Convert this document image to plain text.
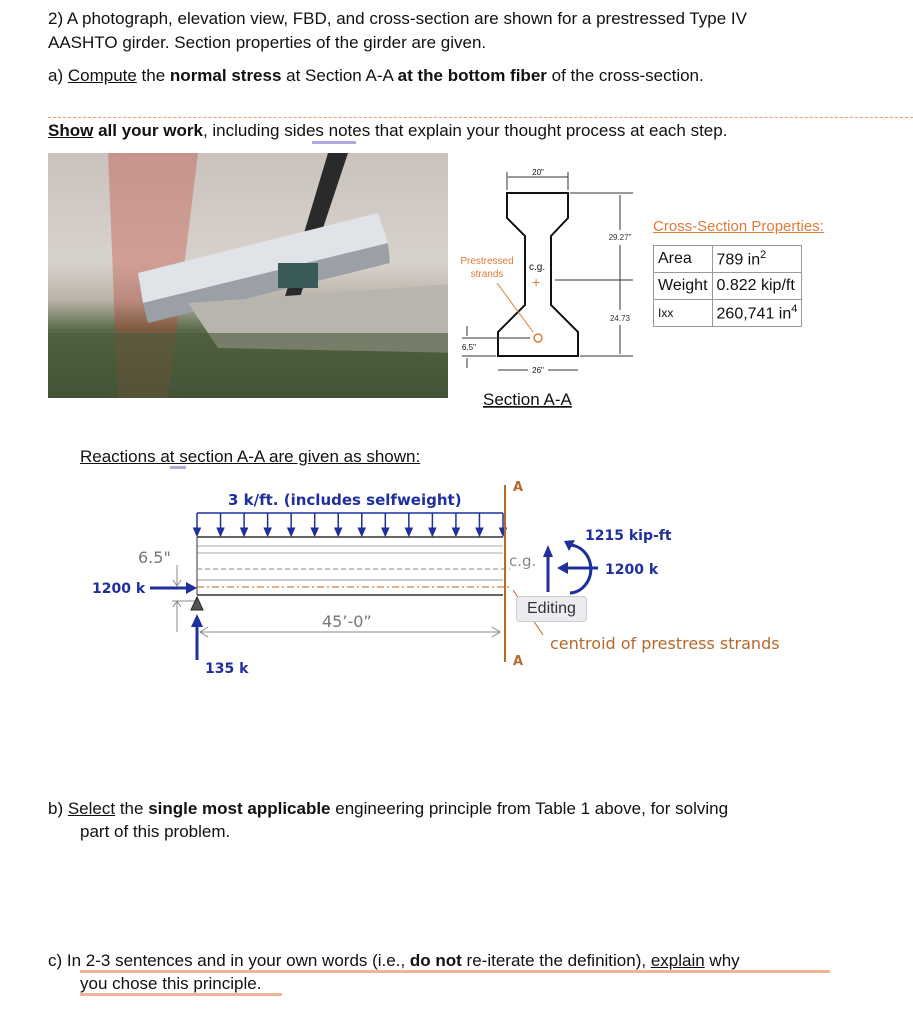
2) A photograph, elevation view, FBD, and cross-section are shown for a prestressed Type IV
AASHTO girder. Section properties of the girder are given.
a) Compute the normal stress at Section A-A at the bottom fiber of the cross-section.
Show all your work, including sides notes that explain your thought process at each step.
20"
29.27"
24.73
26"
6.5"
c.g.
+
Prestressed
strands
Section A-A
A
A
3 k/ft. (includes selfweight)
6.5"
1200 k
135 k
45’-0”
c.g.
1215 kip-ft
1200 k
centroid of prestress strands
Cross-Section Properties:
Area	789 $in^2$
Weight	0.822 kip/ft
Ixx	260,741 $in^4$
Reactions at section A-A are given as shown:
Editing
b) Select the single most applicable engineering principle from Table 1 above, for solving
part of this problem.
c) In 2-3 sentences and in your own words (i.e., do not re-iterate the definition), explain why
you chose this principle.
